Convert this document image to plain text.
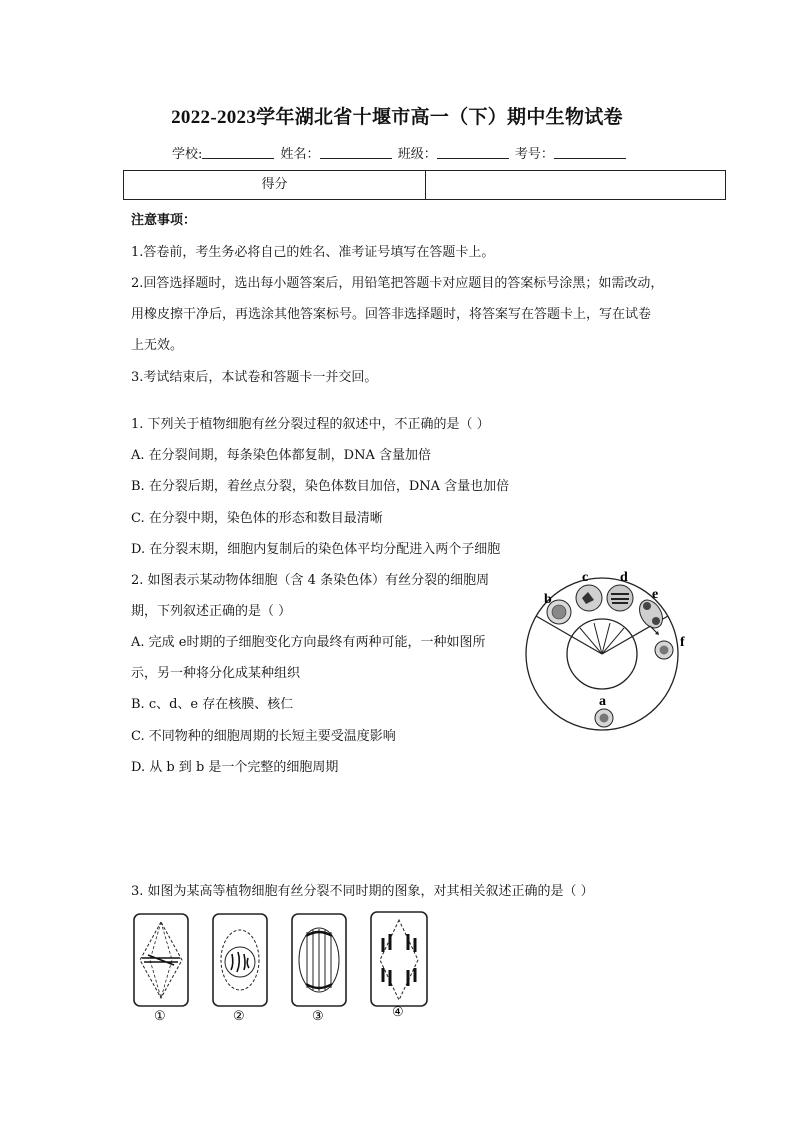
2022-2023学年湖北省十堰市高一（下）期中生物试卷
学校:	姓名：	班级：	考号：
得分
注意事项：
1.答卷前，考生务必将自己的姓名、准考证号填写在答题卡上。
2.回答选择题时，选出每小题答案后，用铅笔把答题卡对应题目的答案标号涂黑；如需改动，
用橡皮擦干净后，再选涂其他答案标号。回答非选择题时，将答案写在答题卡上，写在试卷
上无效。
3.考试结束后，本试卷和答题卡一并交回。
1. 下列关于植物细胞有丝分裂过程的叙述中，不正确的是（ ）
A. 在分裂间期，每条染色体都复制，DNA 含量加倍
B. 在分裂后期，着丝点分裂，染色体数目加倍，DNA 含量也加倍
C. 在分裂中期，染色体的形态和数目最清晰
D. 在分裂末期，细胞内复制后的染色体平均分配进入两个子细胞
2. 如图表示某动物体细胞（含 4 条染色体）有丝分裂的细胞周
期，下列叙述正确的是（ ）
A. 完成 e时期的子细胞变化方向最终有两种可能，一种如图所
示，另一种将分化成某种组织
B. c、d、e 存在核膜、核仁
C. 不同物种的细胞周期的长短主要受温度影响
D. 从 b 到 b 是一个完整的细胞周期
b
c d
e
f
a
3. 如图为某高等植物细胞有丝分裂不同时期的图象，对其相关叙述正确的是（ ）
①	②	③	④
